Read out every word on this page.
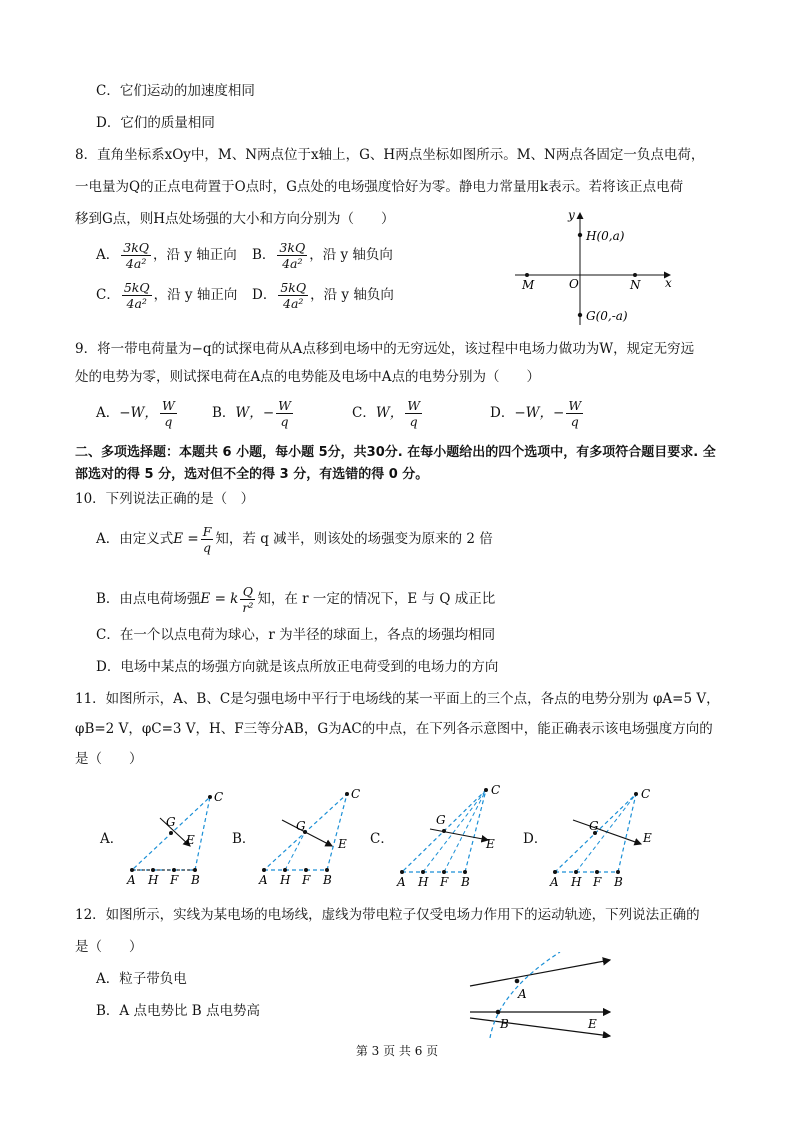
C．它们运动的加速度相同
D．它们的质量相同
8．直角坐标系xOy中，M、N两点位于x轴上，G、H两点坐标如图所示。M、N两点各固定一负点电荷，
一电量为Q的正点电荷置于O点时，G点处的电场强度恰好为零。静电力常量用k表示。若将该正点电荷
移到G点，则H点处场强的大小和方向分别为（　　）
A． $\frac{3kQ}{\text{4a²}}$ ，沿 y 轴正向 B． $\frac{3kQ}{\text{4a²}}$ ，沿 y 轴负向
C． $\frac{5kQ}{\text{4a²}}$ ，沿 y 轴正向 D． $\frac{5kQ}{\text{4a²}}$ ，沿 y 轴负向
y
x
O
M	N
H(0,a)
G(0,-a)
9．将一带电荷量为−q的试探电荷从A点移到电场中的无穷远处，该过程中电场力做功为W，规定无穷远
处的电势为零，则试探电荷在A点的电势能及电场中A点的电势分别为（　　）
A．−W， $\frac{W}{q}$	B．W，− $\frac{W}{q}$	C．W， $\frac{W}{q}$	D．−W，− $\frac{W}{q}$
二、多项选择题：本题共 6 小题，每小题 5分，共30分. 在每小题给出的四个选项中，有多项符合题目要求. 全
部选对的得 5 分，选对但不全的得 3 分，有选错的得 0 分。
10．下列说法正确的是（　）
A．由定义式$E = \frac{F}{q}$ 知，若 q 减半，则该处的场强变为原来的 2 倍
B．由点电荷场强E = k $\frac{Q}{\text{r²}}$ 知，在 r 一定的情况下，E 与 Q 成正比
C．在一个以点电荷为球心，r 为半径的球面上，各点的场强均相同
D．电场中某点的场强方向就是该点所放正电荷受到的电场力的方向
11．如图所示，A、B、C是匀强电场中平行于电场线的某一平面上的三个点，各点的电势分别为 φA=5 V，
φB=2 V，φC=3 V，H、F三等分AB，G为AC的中点，在下列各示意图中，能正确表示该电场强度方向的
是（　　）
A．
A H F B
C
G
E	B．
A H F B
C
G
E C．
A H F B
C
G
E D．
A H F B
C
G
E
12．如图所示，实线为某电场的电场线，虚线为带电粒子仅受电场力作用下的运动轨迹，下列说法正确的
是（　　）
A．粒子带负电
B．A 点电势比 B 点电势高
A
B	E
第 3 页 共 6 页
